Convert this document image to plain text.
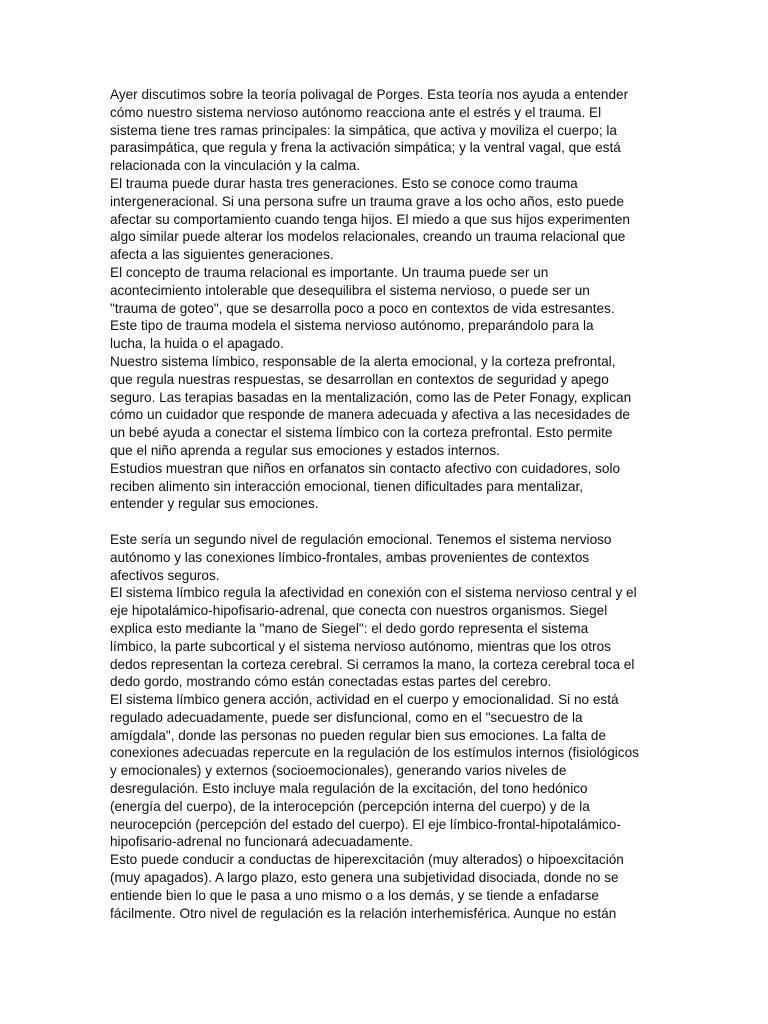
Ayer discutimos sobre la teoría polivagal de Porges. Esta teoría nos ayuda a entender
cómo nuestro sistema nervioso autónomo reacciona ante el estrés y el trauma. El
sistema tiene tres ramas principales: la simpática, que activa y moviliza el cuerpo; la
parasimpática, que regula y frena la activación simpática; y la ventral vagal, que está
relacionada con la vinculación y la calma.
El trauma puede durar hasta tres generaciones. Esto se conoce como trauma
intergeneracional. Si una persona sufre un trauma grave a los ocho años, esto puede
afectar su comportamiento cuando tenga hijos. El miedo a que sus hijos experimenten
algo similar puede alterar los modelos relacionales, creando un trauma relacional que
afecta a las siguientes generaciones.
El concepto de trauma relacional es importante. Un trauma puede ser un
acontecimiento intolerable que desequilibra el sistema nervioso, o puede ser un
"trauma de goteo", que se desarrolla poco a poco en contextos de vida estresantes.
Este tipo de trauma modela el sistema nervioso autónomo, preparándolo para la
lucha, la huida o el apagado.
Nuestro sistema límbico, responsable de la alerta emocional, y la corteza prefrontal,
que regula nuestras respuestas, se desarrollan en contextos de seguridad y apego
seguro. Las terapias basadas en la mentalización, como las de Peter Fonagy, explican
cómo un cuidador que responde de manera adecuada y afectiva a las necesidades de
un bebé ayuda a conectar el sistema límbico con la corteza prefrontal. Esto permite
que el niño aprenda a regular sus emociones y estados internos.
Estudios muestran que niños en orfanatos sin contacto afectivo con cuidadores, solo
reciben alimento sin interacción emocional, tienen dificultades para mentalizar,
entender y regular sus emociones.
Este sería un segundo nivel de regulación emocional. Tenemos el sistema nervioso
autónomo y las conexiones límbico-frontales, ambas provenientes de contextos
afectivos seguros.
El sistema límbico regula la afectividad en conexión con el sistema nervioso central y el
eje hipotalámico-hipofisario-adrenal, que conecta con nuestros organismos. Siegel
explica esto mediante la "mano de Siegel": el dedo gordo representa el sistema
límbico, la parte subcortical y el sistema nervioso autónomo, mientras que los otros
dedos representan la corteza cerebral. Si cerramos la mano, la corteza cerebral toca el
dedo gordo, mostrando cómo están conectadas estas partes del cerebro.
El sistema límbico genera acción, actividad en el cuerpo y emocionalidad. Si no está
regulado adecuadamente, puede ser disfuncional, como en el "secuestro de la
amígdala", donde las personas no pueden regular bien sus emociones. La falta de
conexiones adecuadas repercute en la regulación de los estímulos internos (fisiológicos
y emocionales) y externos (socioemocionales), generando varios niveles de
desregulación. Esto incluye mala regulación de la excitación, del tono hedónico
(energía del cuerpo), de la interocepción (percepción interna del cuerpo) y de la
neurocepción (percepción del estado del cuerpo). El eje límbico-frontal-hipotalámico-
hipofisario-adrenal no funcionará adecuadamente.
Esto puede conducir a conductas de hiperexcitación (muy alterados) o hipoexcitación
(muy apagados). A largo plazo, esto genera una subjetividad disociada, donde no se
entiende bien lo que le pasa a uno mismo o a los demás, y se tiende a enfadarse
fácilmente. Otro nivel de regulación es la relación interhemisférica. Aunque no están
